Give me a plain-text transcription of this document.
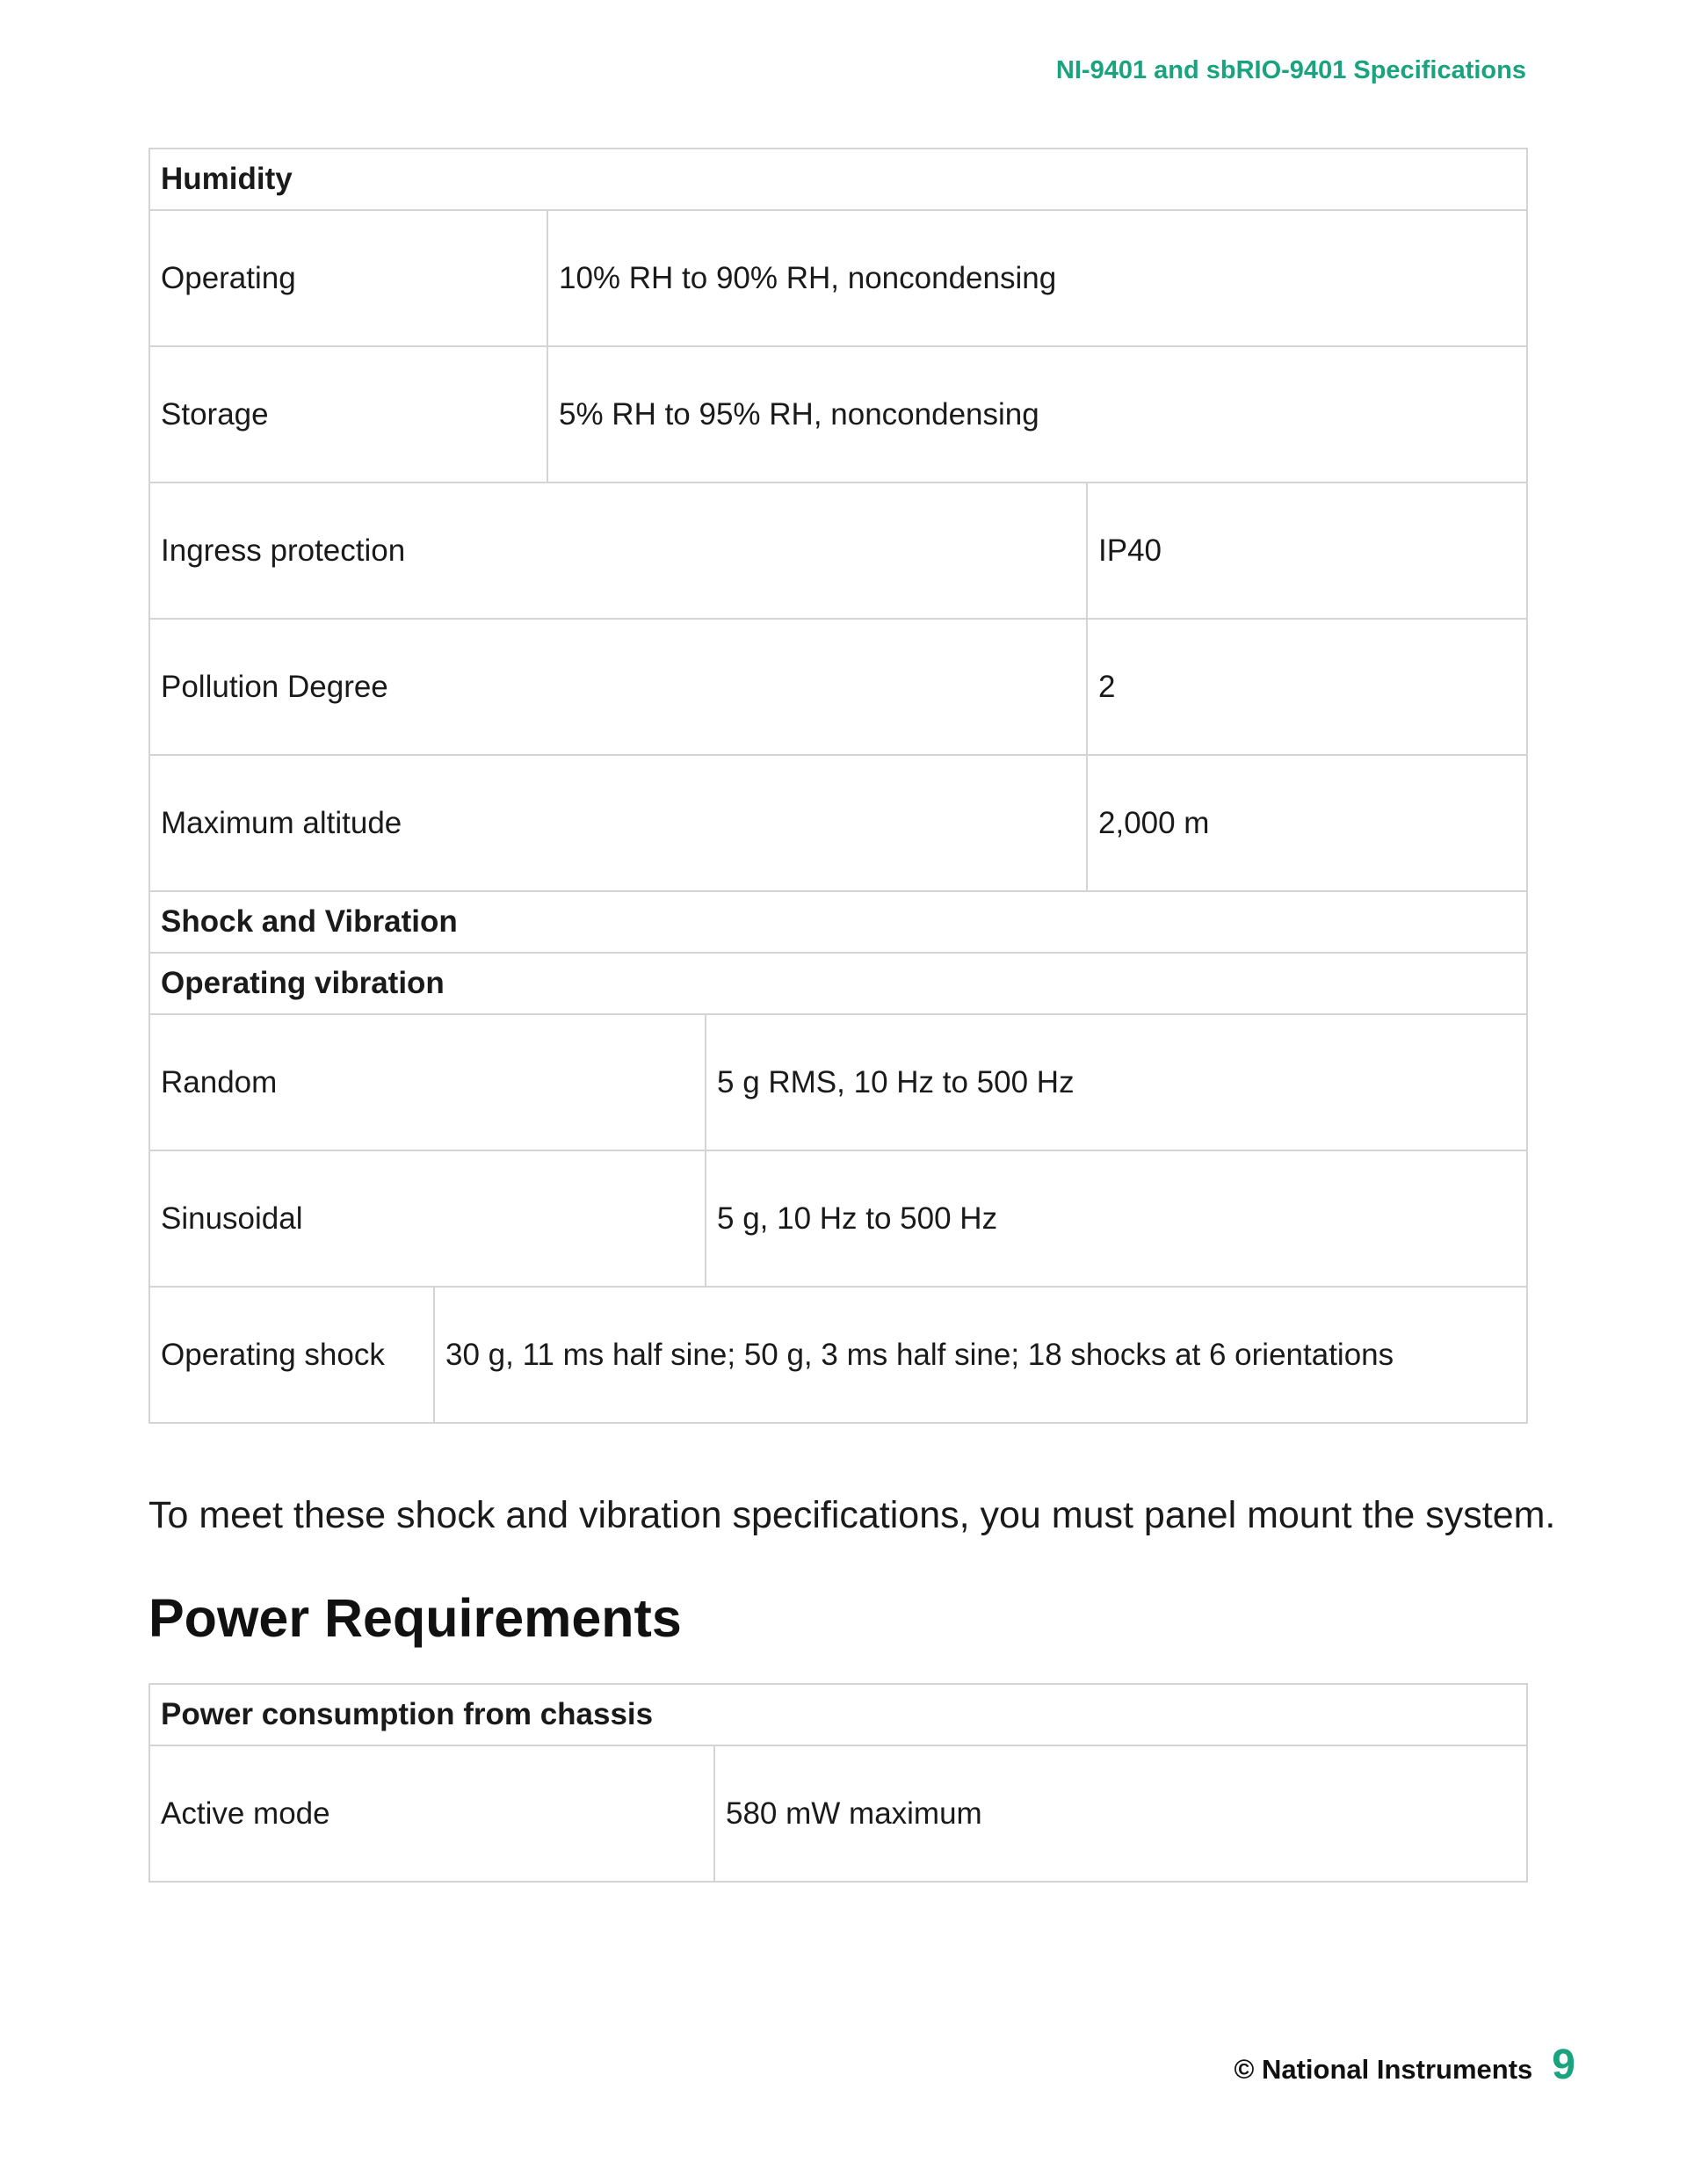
NI-9401 and sbRIO-9401 Specifications
Humidity				
Operating		10% RH to 90% RH, noncondensing		
Storage		5% RH to 95% RH, noncondensing		
Ingress protection				IP40
Pollution Degree				2
Maximum altitude				2,000 m
Shock and Vibration				
Operating vibration				
Random			5 g RMS, 10 Hz to 500 Hz	
Sinusoidal			5 g, 10 Hz to 500 Hz	
Operating shock	30 g, 11 ms half sine; 50 g, 3 ms half sine; 18 shocks at 6 orientations			
To meet these shock and vibration specifications, you must panel mount the system.
Power Requirements
Power consumption from chassis
Active mode	580 mW maximum
© National Instruments 9
